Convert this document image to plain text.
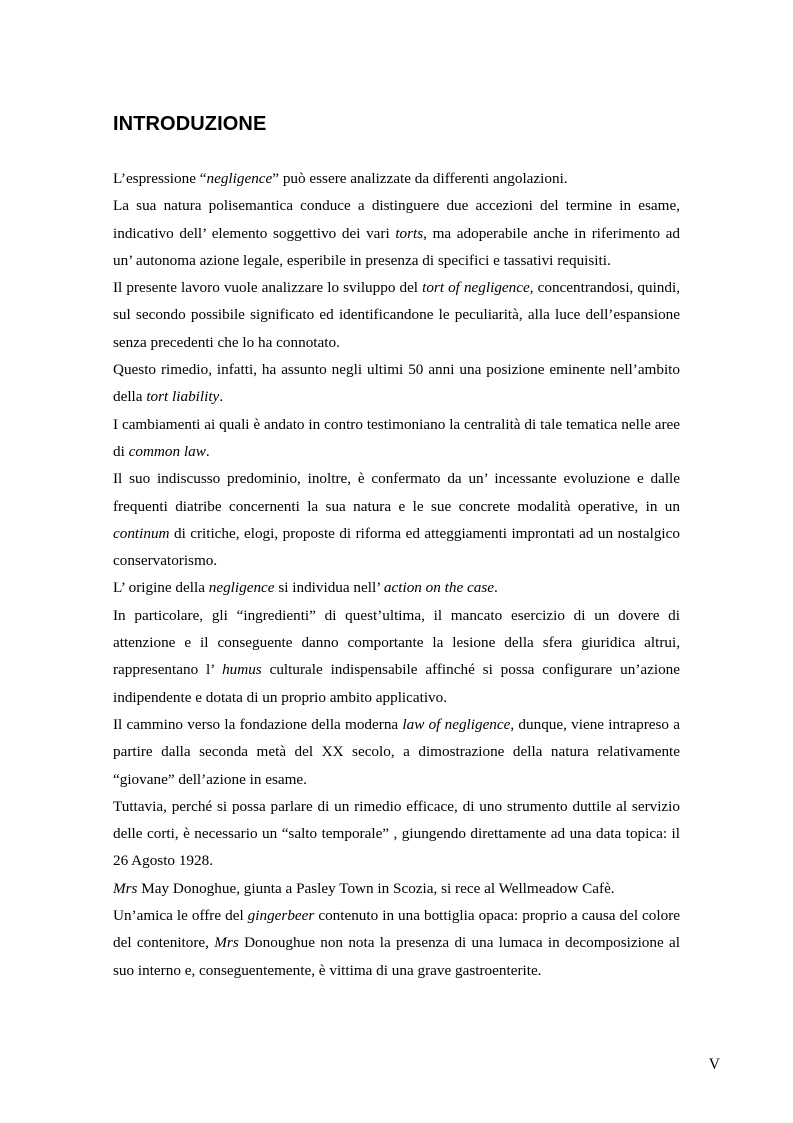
INTRODUZIONE

L’espressione “negligence” può essere analizzate da differenti angolazioni.

La sua natura polisemantica conduce a distinguere due accezioni del termine in esame, indicativo dell’ elemento soggettivo dei vari torts, ma adoperabile anche in riferimento ad un’ autonoma azione legale, esperibile in presenza di specifici e tassativi requisiti.

Il presente lavoro vuole analizzare lo sviluppo del tort of negligence, concentrandosi, quindi, sul secondo possibile significato ed identificandone le peculiarità, alla luce dell’espansione senza precedenti che lo ha connotato.

Questo rimedio, infatti, ha assunto negli ultimi 50 anni una posizione eminente nell’ambito della tort liability.

I cambiamenti ai quali è andato in contro testimoniano la centralità di tale tematica nelle aree di common law.

Il suo indiscusso predominio, inoltre, è confermato da un’ incessante evoluzione e dalle frequenti diatribe concernenti la sua natura e le sue concrete modalità operative, in un continum di critiche, elogi, proposte di riforma ed atteggiamenti improntati ad un nostalgico conservatorismo.

L’ origine della negligence si individua nell’ action on the case.

In particolare, gli “ingredienti” di quest’ultima, il mancato esercizio di un dovere di attenzione e il conseguente danno comportante la lesione della sfera giuridica altrui, rappresentano l’ humus culturale indispensabile affinché si possa configurare un’azione indipendente e dotata di un proprio ambito applicativo.

Il cammino verso la fondazione della moderna law of negligence, dunque, viene intrapreso a partire dalla seconda metà del XX secolo, a dimostrazione della natura relativamente “giovane” dell’azione in esame.

Tuttavia, perché si possa parlare di un rimedio efficace, di uno strumento duttile al servizio delle corti, è necessario un “salto temporale” , giungendo direttamente ad una data topica: il 26 Agosto 1928.

Mrs May Donoghue, giunta a Pasley Town in Scozia, si rece al Wellmeadow Cafè.

Un’amica le offre del gingerbeer contenuto in una bottiglia opaca: proprio a causa del colore del contenitore, Mrs Donoughue non nota la presenza di una lumaca in decomposizione al suo interno e, conseguentemente, è vittima di una grave gastroenterite.

V
